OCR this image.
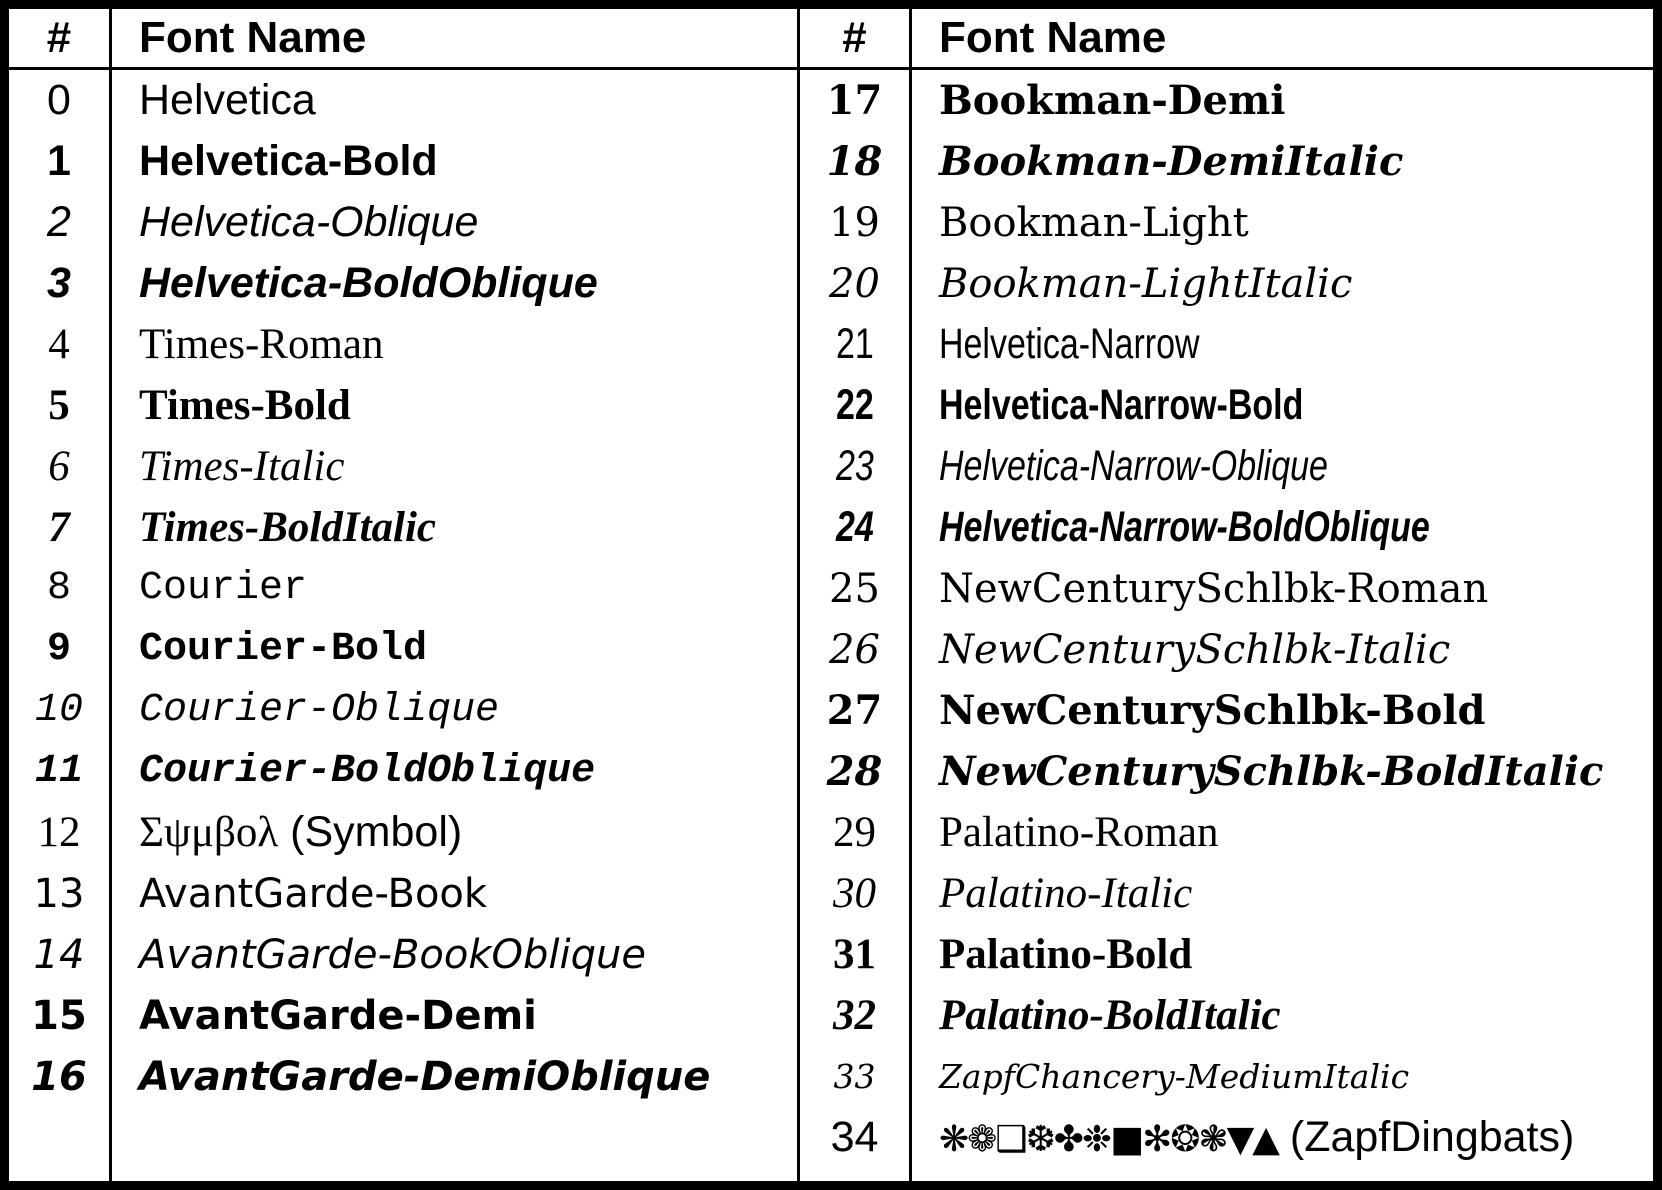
#	Font Name	#	Font Name
0	Helvetica	17	Bookman-Demi
1	Helvetica-Bold	18	Bookman-DemiItalic
2	Helvetica-Oblique	19	Bookman-Light
3	Helvetica-BoldOblique	20	Bookman-LightItalic
4	Times-Roman	21	Helvetica-Narrow
5	Times-Bold	22	Helvetica-Narrow-Bold
6	Times-Italic	23	Helvetica-Narrow-Oblique
7	Times-BoldItalic	24	Helvetica-Narrow-BoldOblique
8	Courier	25	NewCenturySchlbk-Roman
9	Courier-Bold	26	NewCenturySchlbk-Italic
10	Courier-Oblique	27	NewCenturySchlbk-Bold
11	Courier-BoldOblique	28	NewCenturySchlbk-BoldItalic
12	Σψμβολ (Symbol)	29	Palatino-Roman
13	AvantGarde-Book	30	Palatino-Italic
14	AvantGarde-BookOblique	31	Palatino-Bold
15	AvantGarde-Demi	32	Palatino-BoldItalic
16	AvantGarde-DemiOblique	33	ZapfChancery-MediumItalic
		34	❋❁❑❆✤❉■✻❂❃▼▲ (ZapfDingbats)
